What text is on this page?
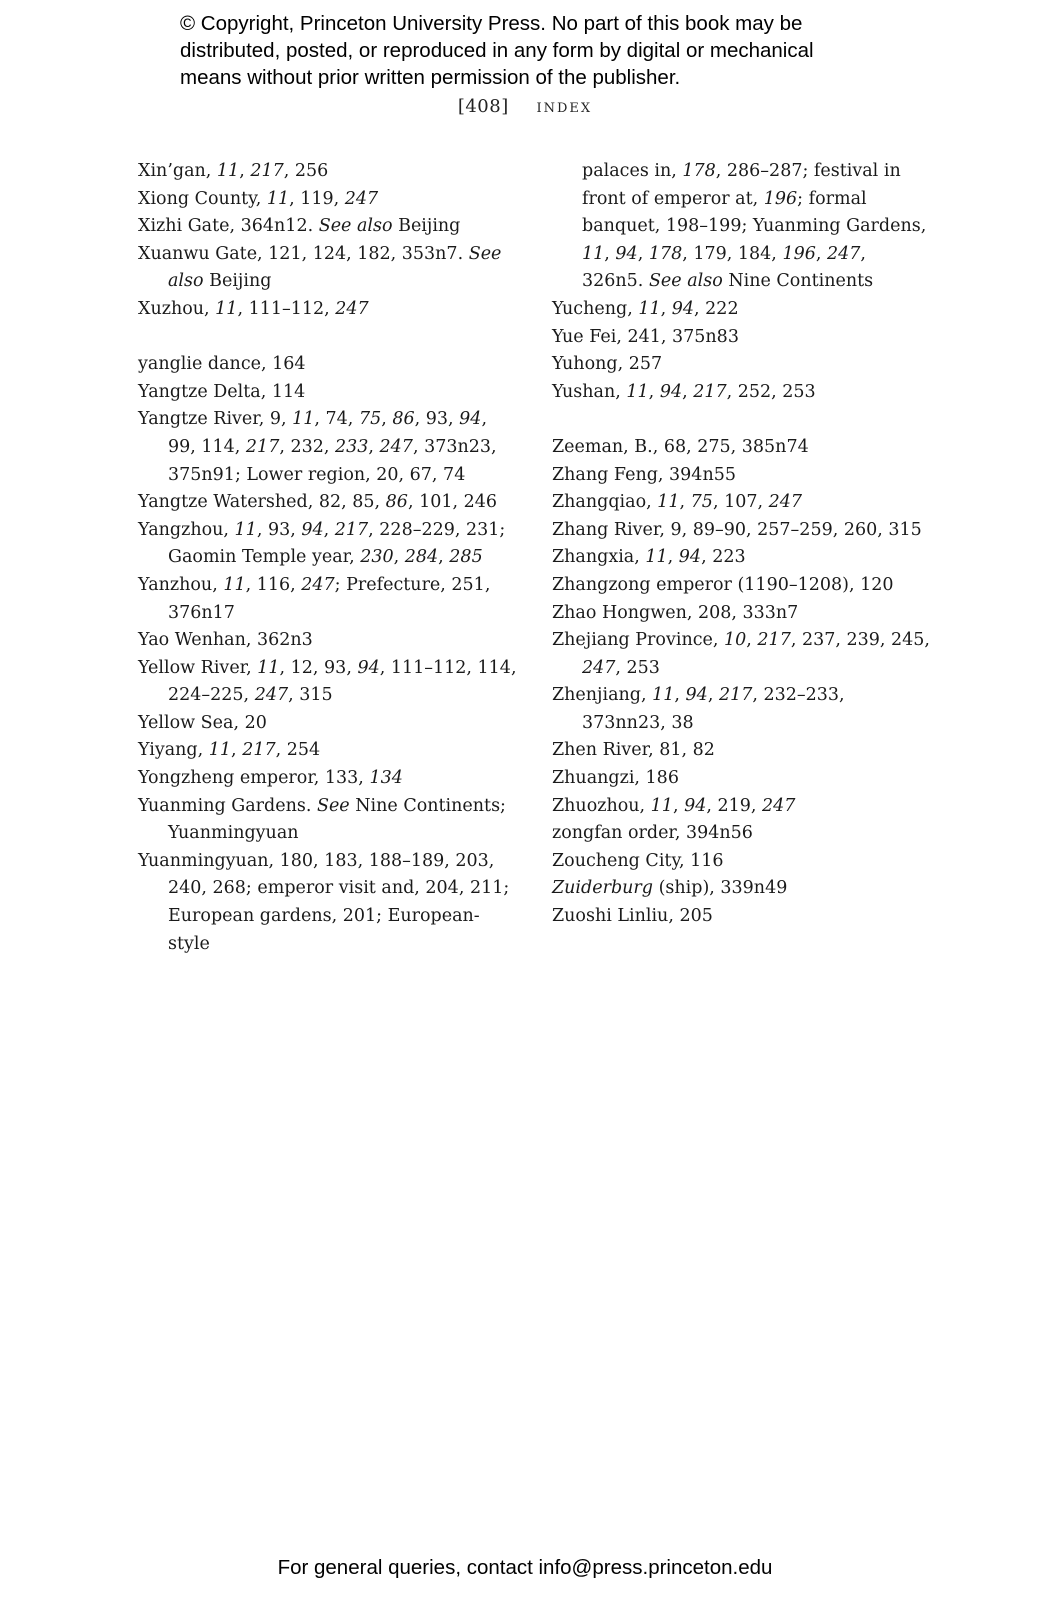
© Copyright, Princeton University Press. No part of this book may be
distributed, posted, or reproduced in any form by digital or mechanical
means without prior written permission of the publisher.
[408] index

Xin’gan, 11, 217, 256

Xiong County, 11, 119, 247

Xizhi Gate, 364n12. See also Beijing

Xuanwu Gate, 121, 124, 182, 353n7. See also Beijing

Xuzhou, 11, 111–112, 247

yanglie dance, 164

Yangtze Delta, 114

Yangtze River, 9, 11, 74, 75, 86, 93, 94, 99, 114, 217, 232, 233, 247, 373n23, 375n91; Lower region, 20, 67, 74

Yangtze Watershed, 82, 85, 86, 101, 246

Yangzhou, 11, 93, 94, 217, 228–229, 231; Gaomin Temple year, 230, 284, 285

Yanzhou, 11, 116, 247; Prefecture, 251, 376n17

Yao Wenhan, 362n3

Yellow River, 11, 12, 93, 94, 111–112, 114, 224–225, 247, 315

Yellow Sea, 20

Yiyang, 11, 217, 254

Yongzheng emperor, 133, 134

Yuanming Gardens. See Nine Continents; Yuanmingyuan

Yuanmingyuan, 180, 183, 188–189, 203, 240, 268; emperor visit and, 204, 211; European gardens, 201; European-style

palaces in, 178, 286–287; festival in front of emperor at, 196; formal banquet, 198–199; Yuanming Gardens, 11, 94, 178, 179, 184, 196, 247, 326n5. See also Nine Continents

Yucheng, 11, 94, 222

Yue Fei, 241, 375n83

Yuhong, 257

Yushan, 11, 94, 217, 252, 253

Zeeman, B., 68, 275, 385n74

Zhang Feng, 394n55

Zhangqiao, 11, 75, 107, 247

Zhang River, 9, 89–90, 257–259, 260, 315

Zhangxia, 11, 94, 223

Zhangzong emperor (1190–1208), 120

Zhao Hongwen, 208, 333n7

Zhejiang Province, 10, 217, 237, 239, 245, 247, 253

Zhenjiang, 11, 94, 217, 232–233, 373nn23, 38

Zhen River, 81, 82

Zhuangzi, 186

Zhuozhou, 11, 94, 219, 247

zongfan order, 394n56

Zoucheng City, 116

Zuiderburg (ship), 339n49

Zuoshi Linliu, 205

For general queries, contact info@press.princeton.edu
